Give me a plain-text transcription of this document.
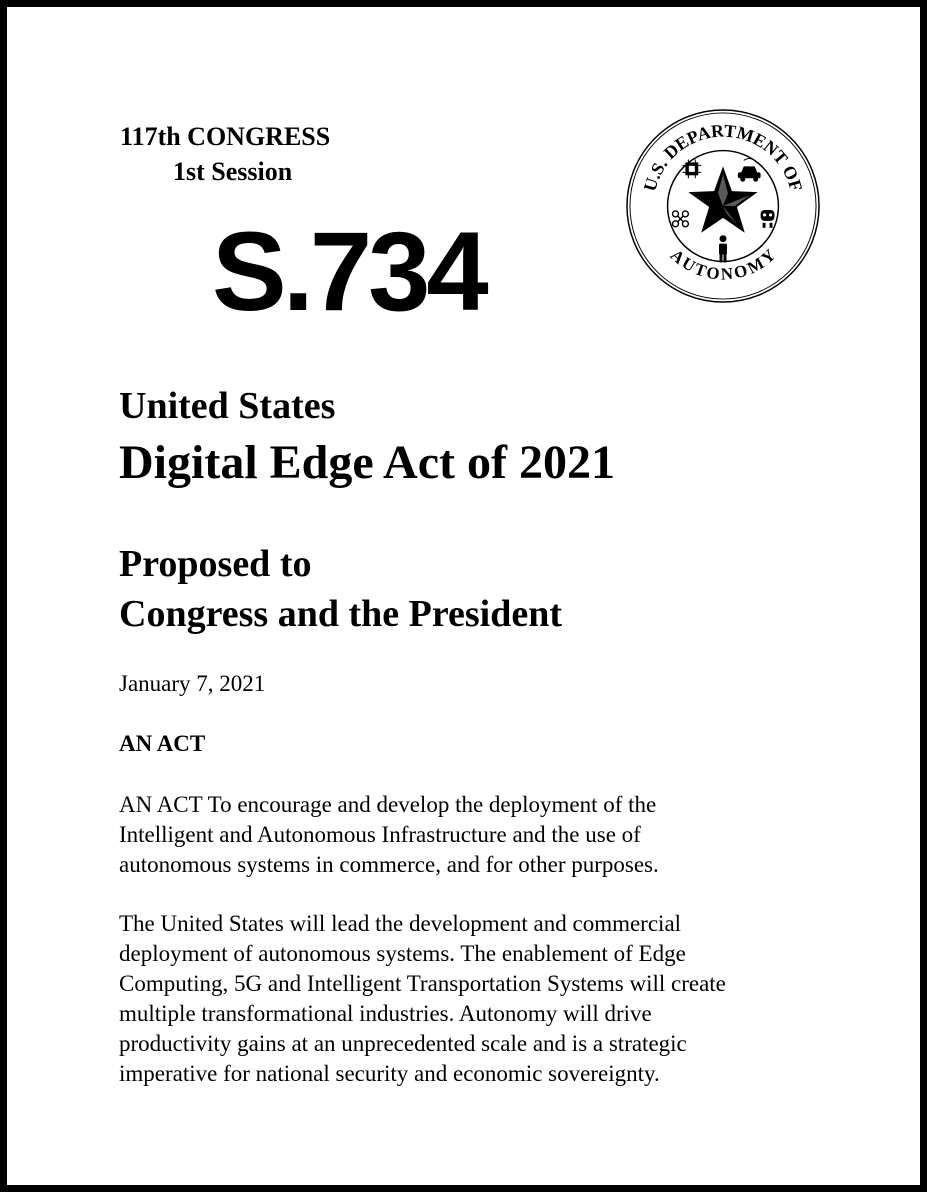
117th CONGRESS
1st Session
S.734
U.S. DEPARTMENT OF
AUTONOMY
United States
Digital Edge Act of 2021
Proposed to
Congress and the President
January 7, 2021
AN ACT

AN ACT To encourage and develop the deployment of the
Intelligent and Autonomous Infrastructure and the use of
autonomous systems in commerce, and for other purposes.

The United States will lead the development and commercial
deployment of autonomous systems. The enablement of Edge
Computing, 5G and Intelligent Transportation Systems will create
multiple transformational industries. Autonomy will drive
productivity gains at an unprecedented scale and is a strategic
imperative for national security and economic sovereignty.
